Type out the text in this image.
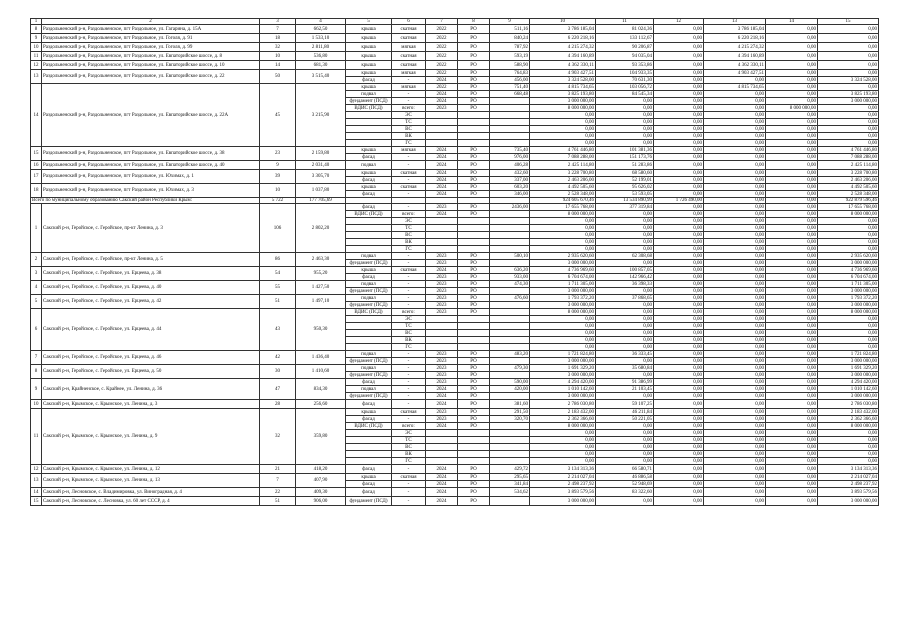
1	2	3	4	5	6	7	8	9	10	11	12	13	14	15
8	Раздольненский р-н, Раздольненское, пгт Раздольное, ул. Гагарина, д. 15А	7	662,50	крыша	скатная	2022	РО	511,16	3 786 185,04	81 024,36	0,00	3 786 185,04	0,00	0,00
9	Раздольненский р-н, Раздольненское, пгт Раздольное, ул. Гоголя, д. 91	18	1 533,10	крыша	скатная	2022	РО	840,24	6 220 218,16	133 112,67	0,00	6 220 218,16	0,00	0,00
10	Раздольненский р-н, Раздольненское, пгт Раздольное, ул. Гоголя, д. 99	32	2 811,80	крыша	мягкая	2022	РО	787,92	4 215 274,32	90 206,87	0,00	4 215 274,32	0,00	0,00
11	Раздольненский р-н, Раздольненское, пгт Раздольное, ул. Евпаторийское шоссе, д. 8	10	536,80	крыша	скатная	2022	РО	593,19	4 394 160,89	94 035,04	0,00	4 394 160,89	0,00	0,00
12	Раздольненский р-н, Раздольненское, пгт Раздольное, ул. Евпаторийское шоссе, д. 10	14	681,30	крыша	скатная	2022	РО	588,90	4 362 330,11	93 353,86	0,00	4 362 330,11	0,00	0,00
13	Раздольненский р-н, Раздольненское, пгт Раздольное, ул. Евпаторийское шоссе, д. 22	50	3 515,40	крыша	мягкая	2022	РО	764,83	4 903 427,51	104 933,35	0,00	4 903 427,51	0,00	0,00
				фасад	-	2024	РО	456,00	3 324 528,00	70 631,30	0,00	0,00	0,00	3 324 528,00
14	Раздольненский р-н, Раздольненское, пгт Раздольное, ул. Евпаторийское шоссе, д. 22А	45	3 215,90	крыша	мягкая	2022	РО	751,40	4 815 734,65	103 056,72	0,00	4 815 734,65	0,00	0,00
				подвал	-	2024	РО	668,48	3 825 193,80	84 545,34	0,00	0,00	0,00	3 825 193,80
				фундамент (ПСД)	-	2024	РО		3 000 000,00	0,00	0,00	0,00	0,00	3 000 000,00
				ВДИС (ПСД)	всего:	2023	РО		8 000 000,00	0,00	0,00	0,00	8 000 000,00	0,00
					ЭС				0,00	0,00	0,00	0,00	0,00	0,00
					ТС				0,00	0,00	0,00	0,00	0,00	0,00
					ВС				0,00	0,00	0,00	0,00	0,00	0,00
					ВК				0,00	0,00	0,00	0,00	0,00	0,00
					ГС				0,00	0,00	0,00	0,00	0,00	0,00
15	Раздольненский р-н, Раздольненское, пгт Раздольное, ул. Евпаторийское шоссе, д. 38	23	2 159,80	крыша	мягкая	2024	РО	735,40	4 761 446,80	101 381,36	0,00	0,00	0,00	4 761 446,80
				фасад	-	2024	РО	976,00	7 088 288,00	151 173,76	0,00	0,00	0,00	7 088 288,00
16	Раздольненский р-н, Раздольненское, пгт Раздольное, ул. Евпаторийское шоссе, д. 40	9	2 031,40	подвал	-	2024	РО	406,28	2 425 114,80	51 283,86	0,00	0,00	0,00	2 425 114,80
17	Раздольненский р-н, Раздольненское, пгт Раздольное, ул. Юхимах, д. 1	39	3 305,70	крыша	скатная	2024	РО	432,60	3 228 700,80	68 580,60	0,00	0,00	0,00	3 228 700,80
				фасад	-	2024	РО	337,00	2 463 206,00	52 199,01	0,00	0,00	0,00	2 463 206,00
18	Раздольненский р-н, Раздольненское, пгт Раздольное, ул. Юхимах, д. 3	10	1 037,80	крыша	скатная	2024	РО	603,20	4 492 505,60	95 626,02	0,00	0,00	0,00	4 492 505,60
				фасад	-	2024	РО	346,00	2 528 348,00	53 593,05	0,00	0,00	0,00	2 528 348,00
Всего по муниципальному образованию Сакский район Республики Крым:		5 722	177 705,69						924 605 670,46	13 534 890,99	1 726 490,00	0,00	0,00	922 879 596,46
1	Сакский р-н, Геройское, с. Геройское, пр-кт Ленина, д. 3	106	2 802,20	фасад	-	2023	РО	2436,00	17 655 768,00	377 319,84	0,00	0,00	0,00	17 655 768,00
				ВДИС (ПСД)	всего:	2024	РО		8 000 000,00	0,00	0,00	0,00	0,00	8 000 000,00
					ЭС				0,00	0,00	0,00	0,00	0,00	0,00
					ТС				0,00	0,00	0,00	0,00	0,00	0,00
					ВС				0,00	0,00	0,00	0,00	0,00	0,00
					ВК				0,00	0,00	0,00	0,00	0,00	0,00
					ГС				0,00	0,00	0,00	0,00	0,00	0,00
2	Сакский р-н, Геройское, с. Геройское, пр-кт Ленина, д. 5	86	2 463,30	подвал	-	2023	РО	500,10	2 935 620,60	62 308,68	0,00	0,00	0,00	2 935 620,60
				фундамент (ПСД)	-	2023	РО		3 000 000,00	0,00	0,00	0,00	0,00	3 000 000,00
3	Сакский р-н, Геройское, с. Геройское, ул. Ерцеева, д. 38	54	955,20	крыша	скатная	2024	РО	636,20	4 736 969,60	100 857,05	0,00	0,00	0,00	4 736 969,60
				фасад	-	2023	РО	933,00	6 704 674,00	142 966,42	0,00	0,00	0,00	6 704 674,00
4	Сакский р-н, Геройское, с. Геройское, ул. Ерцеева, д. 40	55	1 427,50	подвал	-	2023	РО	474,30	1 711 305,00	36 398,33	0,00	0,00	0,00	1 711 305,00
				фундамент (ПСД)	-	2023	РО		3 000 000,00	0,00	0,00	0,00	0,00	3 000 000,00
5	Сакский р-н, Геройское, с. Геройское, ул. Ерцеева, д. 42	51	1 497,10	подвал	-	2023	РО	476,60	1 793 372,20	37 868,65	0,00	0,00	0,00	1 793 372,20
				фундамент (ПСД)	-	2023	РО		3 000 000,00	0,00	0,00	0,00	0,00	3 000 000,00
6	Сакский р-н, Геройское, с. Геройское, ул. Ерцеева, д. 44	43	950,30	ВДИС (ПСД)	всего:	2023	РО		8 000 000,00	0,00	0,00	0,00	0,00	8 000 000,00
					ЭС				0,00	0,00	0,00	0,00	0,00	0,00
					ТС				0,00	0,00	0,00	0,00	0,00	0,00
					ВС				0,00	0,00	0,00	0,00	0,00	0,00
					ВК				0,00	0,00	0,00	0,00	0,00	0,00
					ГС				0,00	0,00	0,00	0,00	0,00	0,00
7	Сакский р-н, Геройское, с. Геройское, ул. Ерцеева, д. 46	42	1 436,40	подвал	-	2023	РО	483,20	1 721 824,80	36 333,45	0,00	0,00	0,00	1 721 824,80
				фундамент (ПСД)	-	2023	РО		3 000 000,00	0,00	0,00	0,00	0,00	3 000 000,00
8	Сакский р-н, Геройское, с. Геройское, ул. Ерцеева, д. 50	30	1 410,60	подвал	-	2023	РО	479,30	1 691 329,20	35 680,84	0,00	0,00	0,00	1 691 329,20
				фундамент (ПСД)	-	2023	РО		3 000 000,00	0,00	0,00	0,00	0,00	3 000 000,00
9	Сакский р-н, Крайненское, с. Крайнее, ул. Ленина, д. 36	47	834,30	фасад	-	2023	РО	590,00	4 294 420,00	91 386,99	0,00	0,00	0,00	4 294 420,00
				подвал	-	2024	РО	420,00	1 010 142,60	21 103,45	0,00	0,00	0,00	1 010 142,60
				фундамент (ПСД)	-	2024	РО		3 000 000,00	0,00	0,00	0,00	0,00	3 000 000,00
10	Сакский р-н, Крымское, с. Крымское, ул. Ленина, д. 3	28	256,60	фасад	-	2024	РО	381,60	2 786 030,80	59 107,25	0,00	0,00	0,00	2 786 030,80
11	Сакский р-н, Крымское, с. Крымское, ул. Ленина, д. 9	32	359,80	крыша	скатная	2023	РО	291,50	2 183 432,00	46 211,84	0,00	0,00	0,00	2 183 432,00
				фасад	-	2023	РО	320,70	2 362 366,60	50 221,05	0,00	0,00	0,00	2 362 366,60
				ВДИС (ПСД)	всего:	2024	РО		8 000 000,00	0,00	0,00	0,00	0,00	8 000 000,00
					ЭС				0,00	0,00	0,00	0,00	0,00	0,00
					ТС				0,00	0,00	0,00	0,00	0,00	0,00
					ВС				0,00	0,00	0,00	0,00	0,00	0,00
					ВК				0,00	0,00	0,00	0,00	0,00	0,00
					ГС				0,00	0,00	0,00	0,00	0,00	0,00
12	Сакский р-н, Крымское, с. Крымское, ул. Ленина, д. 12	21	418,20	фасад	-	2024	РО	429,72	3 134 313,36	66 580,71	0,00	0,00	0,00	3 134 313,36
13	Сакский р-н, Крымское, с. Крымское, ул. Ленина, д. 13	7	407,90	крыша	скатная	2024	РО	295,65	2 214 027,04	46 886,58	0,00	0,00	0,00	2 214 027,04
				фасад	-	2024	РО	341,84	2 498 237,92	52 948,69	0,00	0,00	0,00	2 498 237,92
14	Сакский р-н, Лесновское, с. Владимировка, ул. Виноградная, д. 4	22	409,30	фасад	-	2024	РО	534,62	3 893 579,56	83 322,60	0,00	0,00	0,00	3 893 579,56
15	Сакский р-н, Лесновское, с. Лесновка, ул. 60 лет СССР, д. 4	51	906,00	фундамент (ПСД)	-	2024	РО		3 000 000,00	0,00	0,00	0,00	0,00	3 000 000,00
